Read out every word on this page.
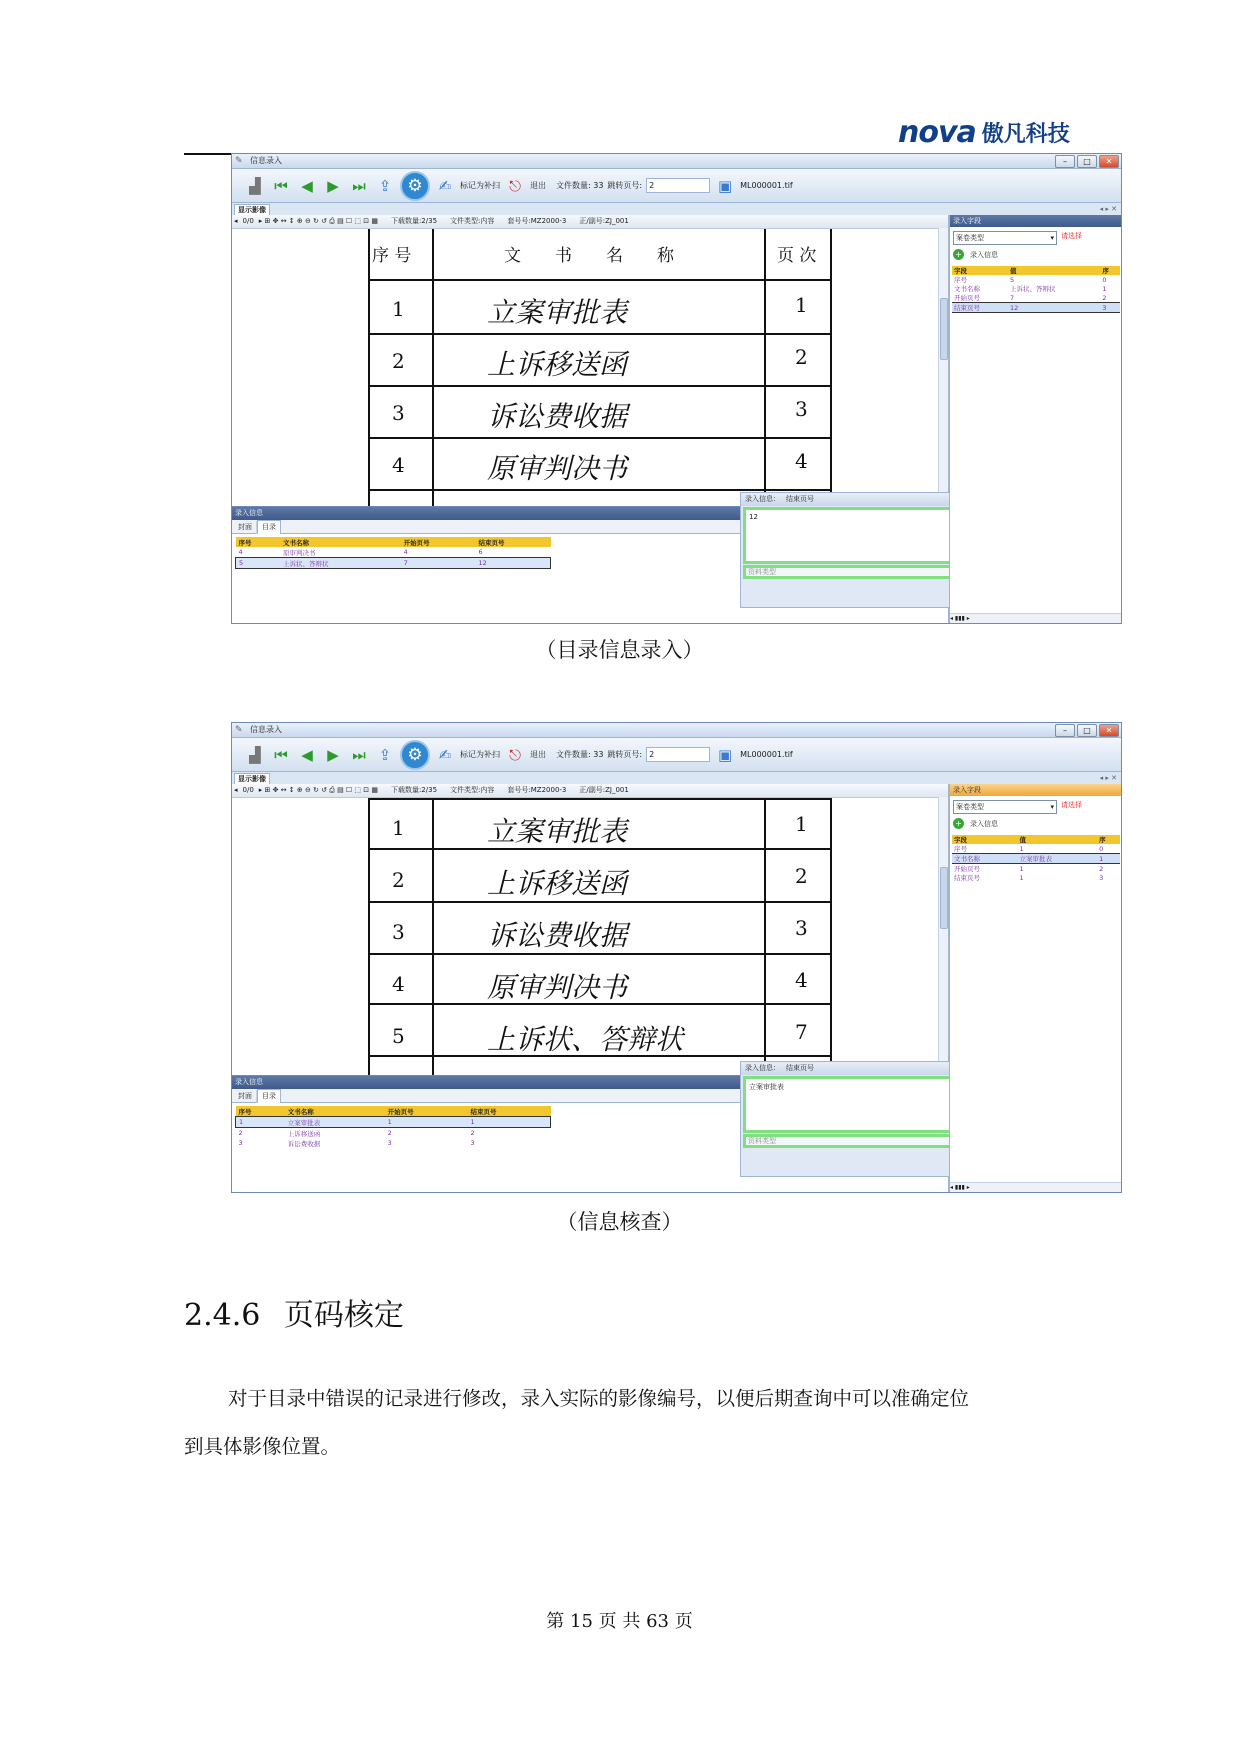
nova 傲凡科技
✎ 信息录入	–	□	✕
▟ ⏮ ◀ ▶ ⏭ ⇪ ⚙	✍	标记为补扫 ⎋	退出 文件数量: 33 跳转页号: 2	▣ ML000001.tif
显示影像	◂ ▸ ✕
◂ 0/0 ▸ ⊞ ✥ ↔ ↕ ⊕ ⊖ ↻ ↺ ⎙ ▤ ☐ ⬚ ⊡ ▦ 下载数量:2/35 文件类型:内容 套号号:MZ2000-3 正/副号:ZJ_001
序 号	文　　书　　名　　称	页 次
1	立案审批表	1
2	上诉移送函	2
3	诉讼费收据	3
4	原审判决书	4
录入信息
封面 目录
序号	文书名称	开始页号	结束页号
4	原审判决书	4	6
5	上诉状、答辩状	7	12
录入信息： 结束页号
12
资料类型
录入字段
案卷类型	▾ 请选择
+ 录入信息
字段	值	序
序号	5	0
文书名称	上诉状、答辩状	1
开始页号	7	2
结束页号	12	3
◂ ▮▮▮ ▸
（目录信息录入）
✎ 信息录入	–	□	✕
▟ ⏮ ◀ ▶ ⏭ ⇪ ⚙	✍	标记为补扫 ⎋	退出 文件数量: 33 跳转页号: 2	▣ ML000001.tif
显示影像	◂ ▸ ✕
◂ 0/0 ▸ ⊞ ✥ ↔ ↕ ⊕ ⊖ ↻ ↺ ⎙ ▤ ☐ ⬚ ⊡ ▦ 下载数量:2/35 文件类型:内容 套号号:MZ2000-3 正/副号:ZJ_001
1	立案审批表	1
2	上诉移送函	2
3	诉讼费收据	3
4	原审判决书	4
5	上诉状、答辩状	7
录入信息
封面 目录
序号	文书名称	开始页号	结束页号
1	立案审批表	1	1
2	上诉移送函	2	2
3	诉讼费收据	3	3
录入信息： 结束页号
立案审批表
资料类型
录入字段
案卷类型	▾ 请选择
+ 录入信息
字段	值	序
序号	1	0
文书名称	立案审批表	1
开始页号	1	2
结束页号	1	3
◂ ▮▮▮ ▸
（信息核查）
2.4.6 页码核定
对于目录中错误的记录进行修改，录入实际的影像编号，以便后期查询中可以准确定位
到具体影像位置。
第 15 页 共 63 页
